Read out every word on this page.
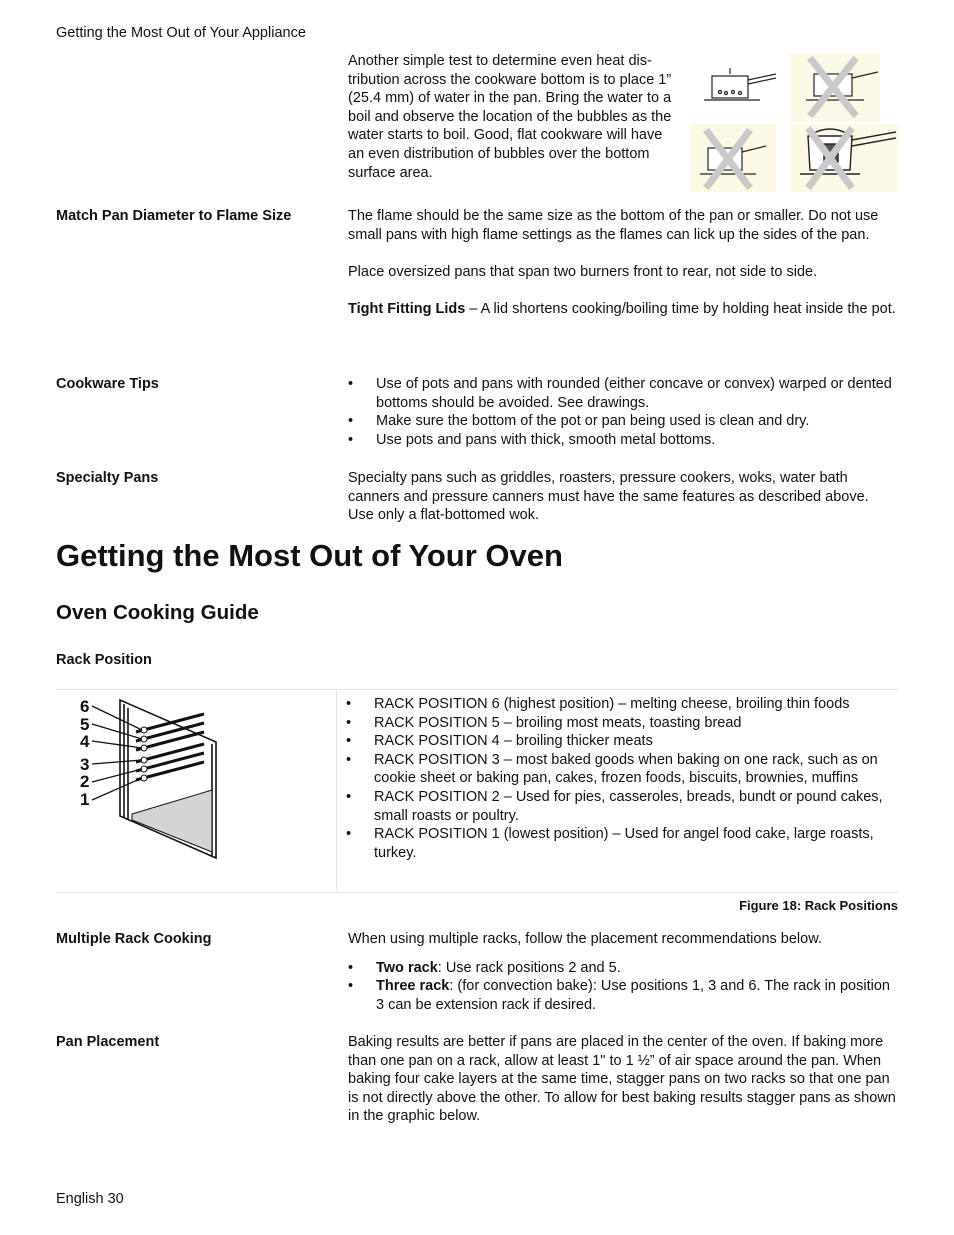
Getting the Most Out of Your Appliance
Another simple test to determine even heat dis-tribution across the cookware bottom is to place 1” (25.4 mm) of water in the pan. Bring the water to a boil and observe the location of the bubbles as the water starts to boil. Good, flat cookware will have an even distribution of bubbles over the bottom surface area.
Match Pan Diameter to Flame Size	The flame should be the same size as the bottom of the pan or smaller. Do not use small pans with high flame settings as the flames can lick up the sides of the pan.

Place oversized pans that span two burners front to rear, not side to side.

Tight Fitting Lids – A lid shortens cooking/boiling time by holding heat inside the pot.

Cookware Tips
•	Use of pots and pans with rounded (either concave or convex) warped or dented bottoms should be avoided. See drawings.
• Make sure the bottom of the pot or pan being used is clean and dry.
• Use pots and pans with thick, smooth metal bottoms.
Specialty Pans	Specialty pans such as griddles, roasters, pressure cookers, woks, water bath canners and pressure canners must have the same features as described above. Use only a flat-bottomed wok.
Getting the Most Out of Your Oven
Oven Cooking Guide
Rack Position
6
5
4
3
2
1
• RACK POSITION 6 (highest position) – melting cheese, broiling thin foods
• RACK POSITION 5 – broiling most meats, toasting bread
• RACK POSITION 4 – broiling thicker meats
• RACK POSITION 3 – most baked goods when baking on one rack, such as on cookie sheet or baking pan, cakes, frozen foods, biscuits, brownies, muffins
• RACK POSITION 2 – Used for pies, casseroles, breads, bundt or pound cakes, small roasts or poultry.
• RACK POSITION 1 (lowest position) – Used for angel food cake, large roasts, turkey.
Figure 18: Rack Positions
Multiple Rack Cooking	When using multiple racks, follow the placement recommendations below.

• Two rack: Use rack positions 2 and 5.
• Three rack: (for convection bake): Use positions 1, 3 and 6. The rack in position 3 can be extension rack if desired.
Pan Placement	Baking results are better if pans are placed in the center of the oven. If baking more than one pan on a rack, allow at least 1" to 1 ½” of air space around the pan. When baking four cake layers at the same time, stagger pans on two racks so that one pan is not directly above the other. To allow for best baking results stagger pans as shown in the graphic below.
English 30
